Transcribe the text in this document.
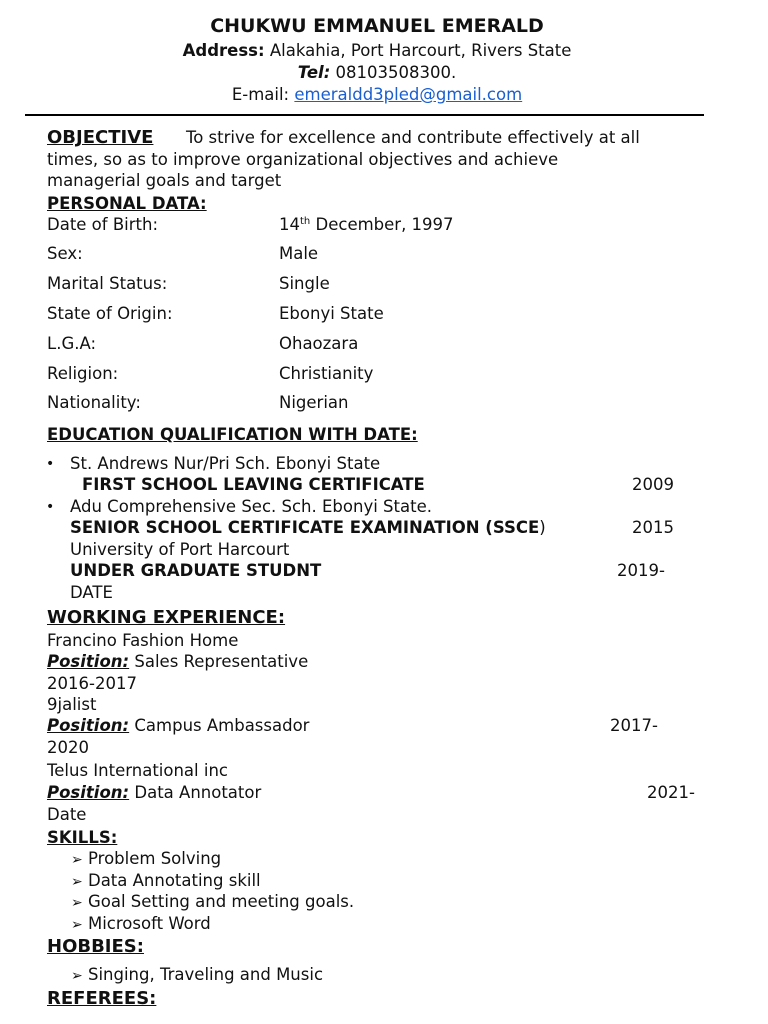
CHUKWU EMMANUEL EMERALD
Address: Alakahia, Port Harcourt, Rivers State
Tel: 08103508300.
E-mail: emeraldd3pled@gmail.com
OBJECTIVE To strive for excellence and contribute effectively at all
times, so as to improve organizational objectives and achieve
managerial goals and target
PERSONAL DATA:
Date of Birth:	14th December, 1997
Sex:	Male
Marital Status:	Single
State of Origin:	Ebonyi State
L.G.A:	Ohaozara
Religion:	Christianity
Nationality:	Nigerian
EDUCATION QUALIFICATION WITH DATE:
• St. Andrews Nur/Pri Sch. Ebonyi State
FIRST SCHOOL LEAVING CERTIFICATE	2009
• Adu Comprehensive Sec. Sch. Ebonyi State.
SENIOR SCHOOL CERTIFICATE EXAMINATION (SSCE)	2015
University of Port Harcourt
UNDER GRADUATE STUDNT	2019-
DATE
WORKING EXPERIENCE:
Francino Fashion Home
Position: Sales Representative
2016-2017
9jalist
Position: Campus Ambassador	2017-
2020
Telus International inc
Position: Data Annotator	2021-
Date
SKILLS:
➢ Problem Solving
➢ Data Annotating skill
➢ Goal Setting and meeting goals.
➢ Microsoft Word
HOBBIES:
➢ Singing, Traveling and Music
REFEREES:
